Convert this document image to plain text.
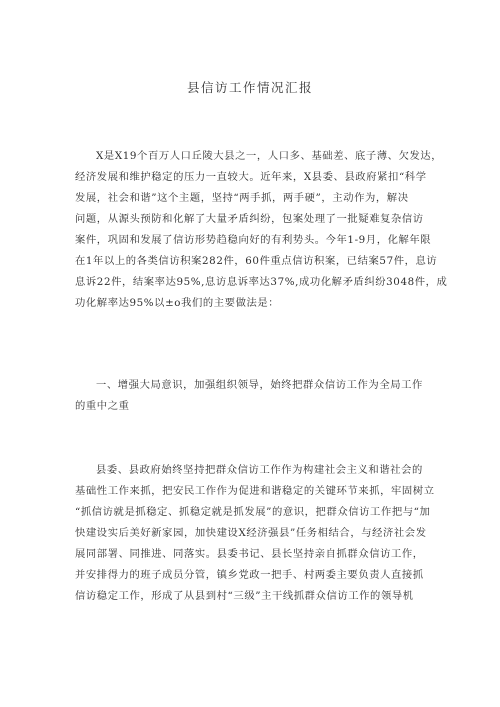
县信访工作情况汇报
X是X19个百万人口丘陵大县之一，人口多、基础差、底子薄、欠发达，
经济发展和维护稳定的压力一直较大。近年来，X县委、县政府紧扣“科学
发展，社会和谐”这个主题，坚持“两手抓，两手硬”，主动作为，解决
问题，从源头预防和化解了大量矛盾纠纷，包案处理了一批疑难复杂信访
案件，巩固和发展了信访形势趋稳向好的有利势头。今年1-9月，化解年限
在1年以上的各类信访积案282件，60件重点信访积案，已结案57件，息访
息诉22件，结案率达95%,息访息诉率达37%,成功化解矛盾纠纷3048件，成
功化解率达95%以±o我们的主要做法是：
一、增强大局意识，加强组织领导，始终把群众信访工作为全局工作
的重中之重
县委、县政府始终坚持把群众信访工作作为构建社会主义和谐社会的
基础性工作来抓，把安民工作作为促进和谐稳定的关键环节来抓，牢固树立
“抓信访就是抓稳定、抓稳定就是抓发展”的意识，把群众信访工作把与“加
快建设实后美好新家园，加快建设X经济强县”任务相结合，与经济社会发
展同部署、同推进、同落实。县委书记、县长坚持亲自抓群众信访工作，
并安排得力的班子成员分管，镇乡党政一把手、村两委主要负责人直接抓
信访稳定工作，形成了从县到村“三级”主干线抓群众信访工作的领导机
